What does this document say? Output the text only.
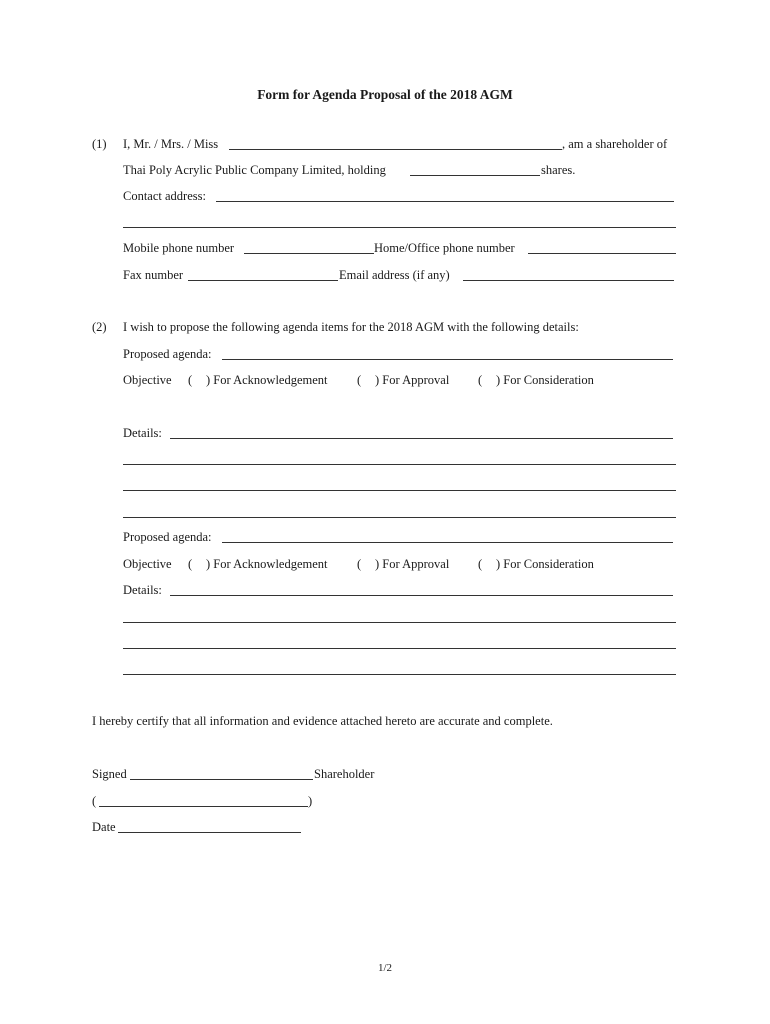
Form for Agenda Proposal of the 2018 AGM
(1) I, Mr. / Mrs. / Miss	, am a shareholder of
Thai Poly Acrylic Public Company Limited, holding	shares.
Contact address:
Mobile phone number	Home/Office phone number
Fax number	Email address (if any)
(2) I wish to propose the following agenda items for the 2018 AGM with the following details:
Proposed agenda:
Objective ( ) For Acknowledgement ( ) For Approval ( ) For Consideration
Details:
Proposed agenda:
Objective ( ) For Acknowledgement ( ) For Approval ( ) For Consideration
Details:
I hereby certify that all information and evidence attached hereto are accurate and complete.
Signed	Shareholder
(	)
Date
1/2
